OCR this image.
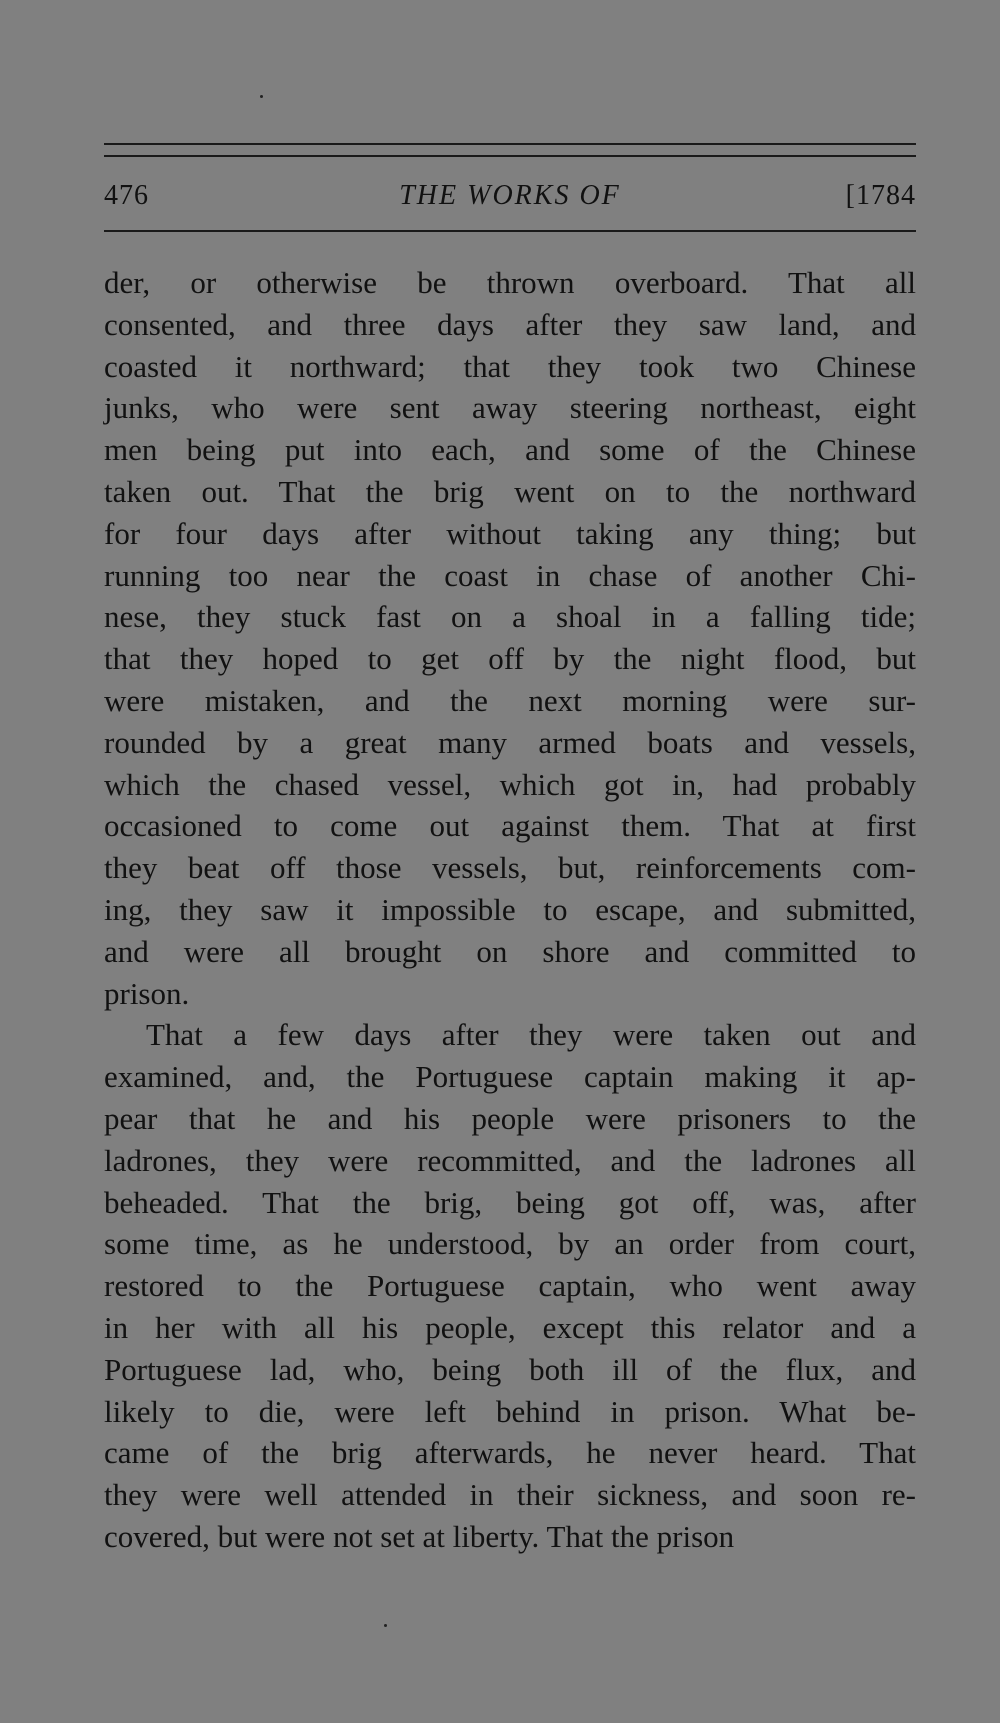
476	THE WORKS OF	[1784
der, or otherwise be thrown overboard. That all
consented, and three days after they saw land, and
coasted it northward; that they took two Chinese
junks, who were sent away steering northeast, eight
men being put into each, and some of the Chinese
taken out. That the brig went on to the northward
for four days after without taking any thing; but
running too near the coast in chase of another Chi-
nese, they stuck fast on a shoal in a falling tide;
that they hoped to get off by the night flood, but
were mistaken, and the next morning were sur-
rounded by a great many armed boats and vessels,
which the chased vessel, which got in, had probably
occasioned to come out against them. That at first
they beat off those vessels, but, reinforcements com-
ing, they saw it impossible to escape, and submitted,
and were all brought on shore and committed to
prison.
That a few days after they were taken out and
examined, and, the Portuguese captain making it ap-
pear that he and his people were prisoners to the
ladrones, they were recommitted, and the ladrones all
beheaded. That the brig, being got off, was, after
some time, as he understood, by an order from court,
restored to the Portuguese captain, who went away
in her with all his people, except this relator and a
Portuguese lad, who, being both ill of the flux, and
likely to die, were left behind in prison. What be-
came of the brig afterwards, he never heard. That
they were well attended in their sickness, and soon re-
covered, but were not set at liberty. That the prison
